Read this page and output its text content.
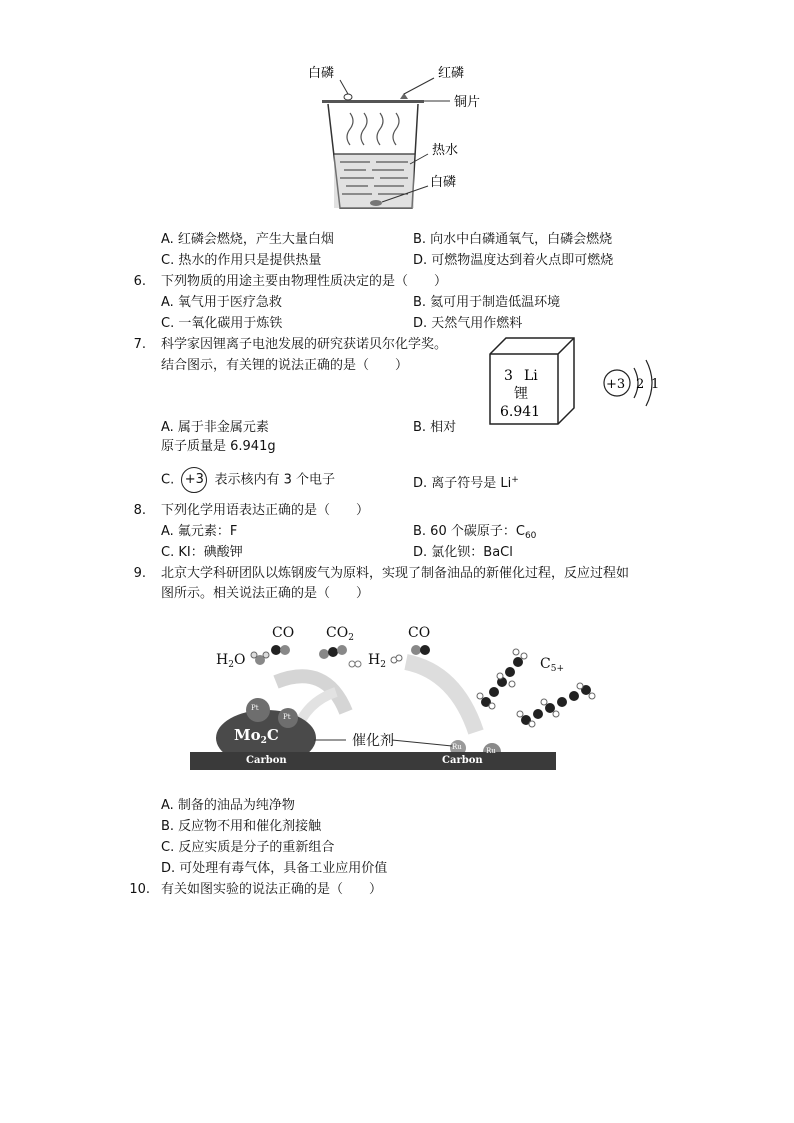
白磷	红磷
铜片
热水
白磷
A. 红磷会燃烧，产生大量白烟	B. 向水中白磷通氧气，白磷会燃烧
C. 热水的作用只是提供热量	D. 可燃物温度达到着火点即可燃烧
6. 下列物质的用途主要由物理性质决定的是（　　）
A. 氧气用于医疗急救	B. 氦可用于制造低温环境
C. 一氧化碳用于炼铁	D. 天然气用作燃料
7. 科学家因锂离子电池发展的研究获诺贝尔化学奖。
结合图示，有关锂的说法正确的是（　　）
3 Li
锂
6.941
+3 2 1
A. 属于非金属元素	B. 相对
原子质量是 6.941g
C. +3 表示核内有 3 个电子	D. 离子符号是 Li+
8. 下列化学用语表达正确的是（　　）
A. 氟元素：F	B. 60 个碳原子：$C_{60}$
C. KI：碘酸钾	D. 氯化钡：BaCl
9. 北京大学科研团队以炼钢废气为原料，实现了制备油品的新催化过程，反应过程如
图所示。相关说法正确的是（　　）
$H_2O$
CO $CO_2$
$H_2$
CO
$C_{5+}$
$Mo_2C$
Pt
Pt
催化剂	Ru	Ru
Carbon	Carbon
A. 制备的油品为纯净物
B. 反应物不用和催化剂接触
C. 反应实质是分子的重新组合
D. 可处理有毒气体，具备工业应用价值
10. 有关如图实验的说法正确的是（　　）
